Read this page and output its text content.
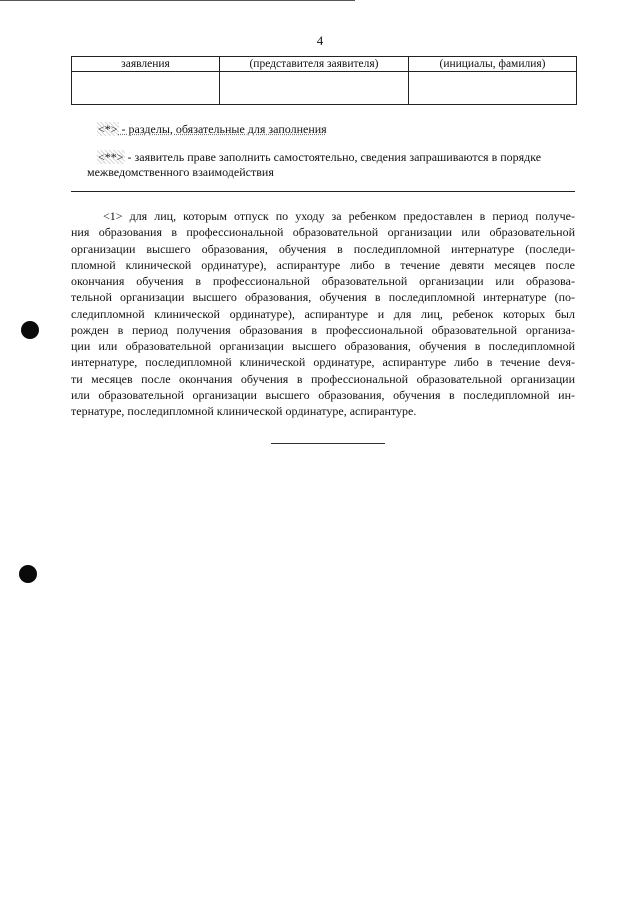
4
заявления	(представителя заявителя)	(инициалы, фамилия)

<*> - разделы, обязательные для заполнения
<**> - заявитель праве заполнить самостоятельно, сведения запрашиваются в порядке
межведомственного взаимодействия
<1> для лиц, которым отпуск по уходу за ребенком предоставлен в период получе-
ния образования в профессиональной образовательной организации или образовательной
организации высшего образования, обучения в последипломной интернатуре (последи-
пломной клинической ординатуре), аспирантуре либо в течение девяти месяцев после
окончания обучения в профессиональной образовательной организации или образова-
тельной организации высшего образования, обучения в последипломной интернатуре (по-
следипломной клинической ординатуре), аспирантуре и для лиц, ребенок которых был
рожден в период получения образования в профессиональной образовательной организа-
ции или образовательной организации высшего образования, обучения в последипломной
интернатуре, последипломной клинической ординатуре, аспирантуре либо в течение devя-
ти месяцев после окончания обучения в профессиональной образовательной организации
или образовательной организации высшего образования, обучения в последипломной ин-
тернатуре, последипломной клинической ординатуре, аспирантуре.
